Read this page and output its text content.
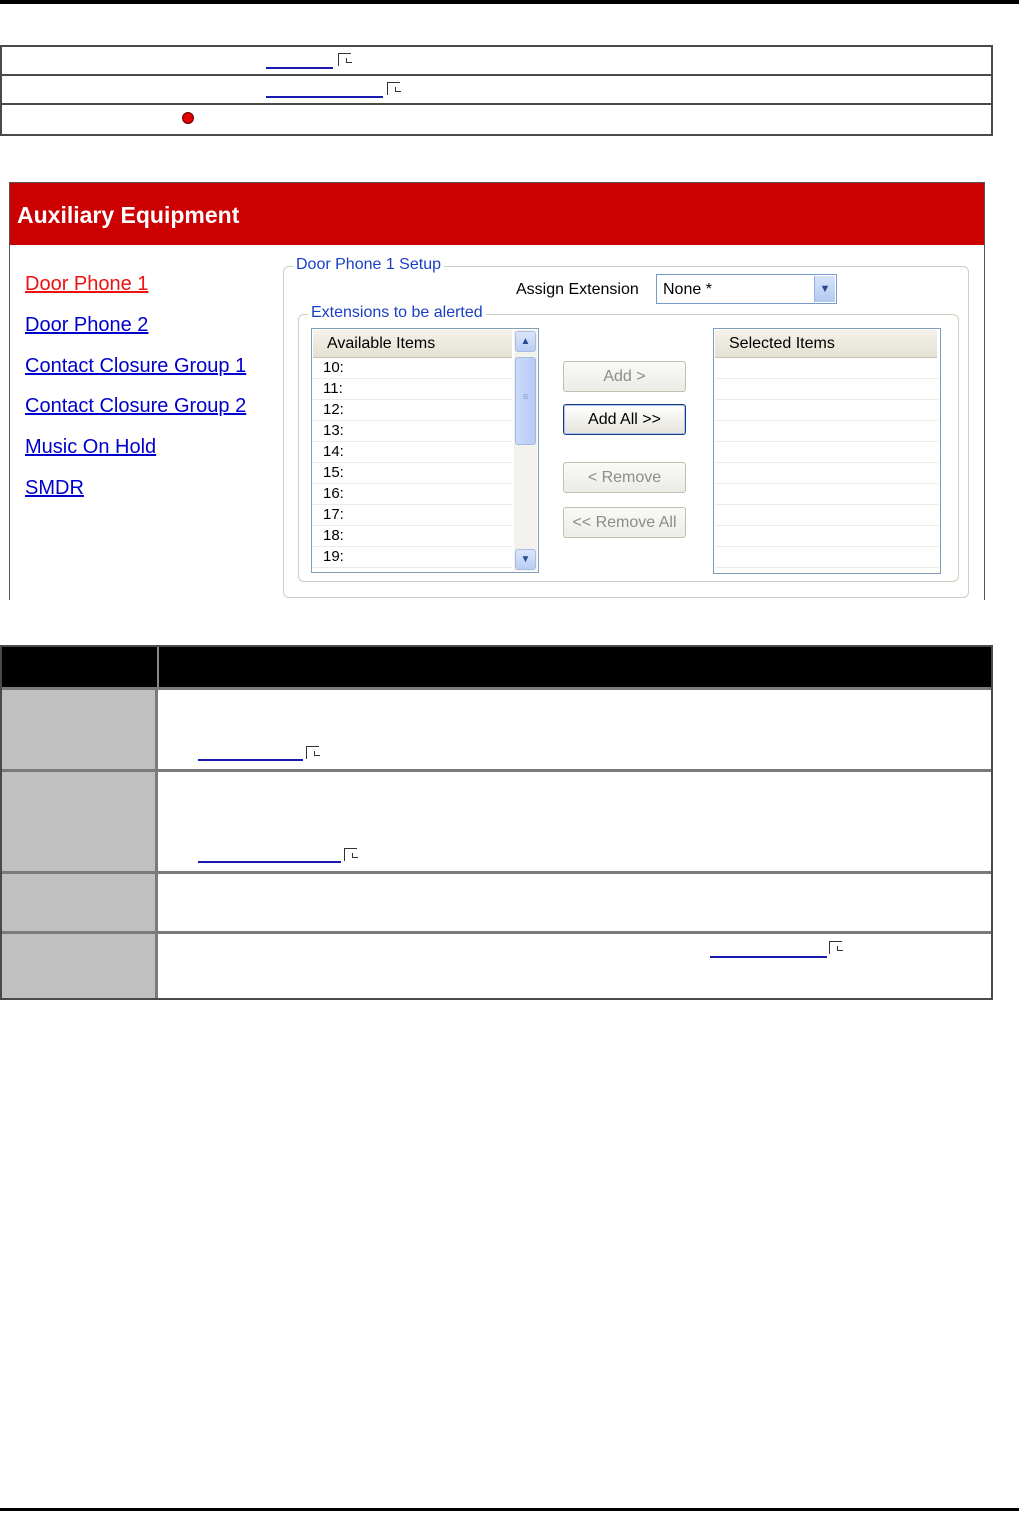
Auxiliary Equipment
Door Phone 1
Door Phone 2
Contact Closure Group 1
Contact Closure Group 2
Music On Hold
SMDR
Door Phone 1 Setup
Assign Extension None *	▼
Extensions to be alerted
Available Items
10:
11:
12:
13:
14:
15:
16:
17:
18:
19:
▲
≡
▼
Add >
Add All >>
< Remove
<< Remove All
Selected Items
